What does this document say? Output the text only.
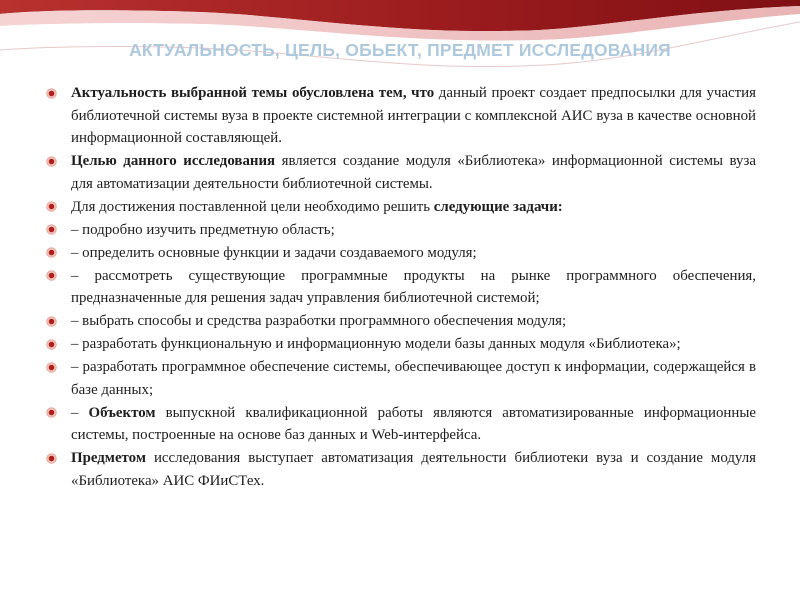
АКТУАЛЬНОСТЬ, ЦЕЛЬ, ОБЬЕКТ, ПРЕДМЕТ ИССЛЕДОВАНИЯ
Актуальность выбранной темы обусловлена тем, что данный проект создает предпосылки для участия библиотечной системы вуза в проекте системной интеграции с комплексной АИС вуза в качестве основной информационной составляющей.
Целью данного исследования является создание модуля «Библиотека» информационной системы вуза для автоматизации деятельности библиотечной системы.
Для достижения поставленной цели необходимо решить следующие задачи:
– подробно изучить предметную область;
– определить основные функции и задачи создаваемого модуля;
– рассмотреть существующие программные продукты на рынке программного обеспечения, предназначенные для решения задач управления библиотечной системой;
– выбрать способы и средства разработки программного обеспечения модуля;
– разработать функциональную и информационную модели базы данных модуля «Библиотека»;
– разработать программное обеспечение системы, обеспечивающее доступ к информации, содержащейся в базе данных;
– Объектом выпускной квалификационной работы являются автоматизированные информационные системы, построенные на основе баз данных и Web-интерфейса.
Предметом исследования выступает автоматизация деятельности библиотеки вуза и создание модуля «Библиотека» АИС ФИиСТех.
